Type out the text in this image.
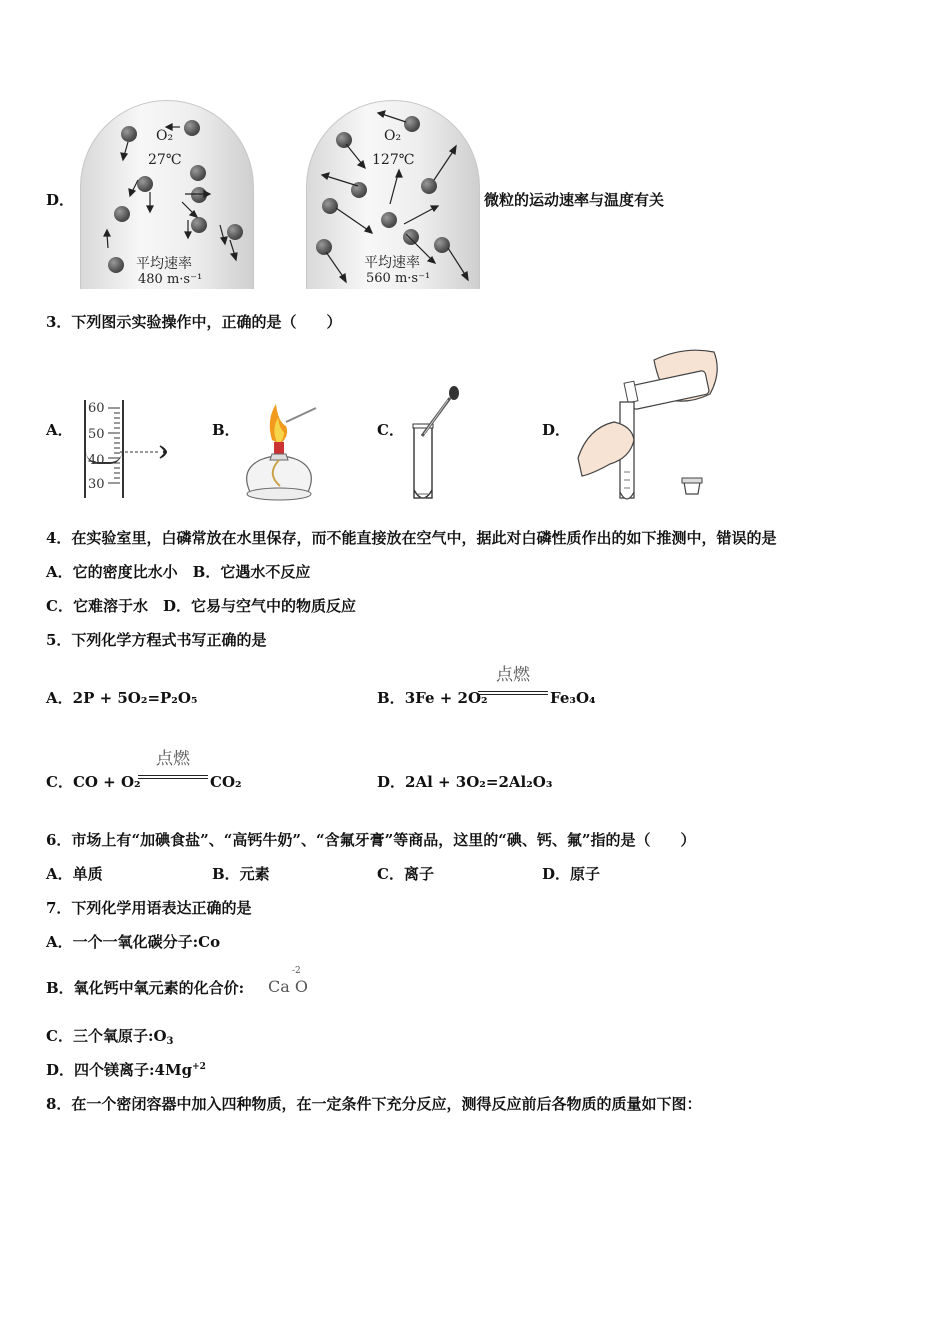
D．
O₂
27℃
平均速率
480 m·s⁻¹
O₂
127℃
平均速率
560 m·s⁻¹
微粒的运动速率与温度有关
3．下列图示实验操作中，正确的是（　　）
A．
60
50
40
30
B．	C．	D．
4．在实验室里，白磷常放在水里保存，而不能直接放在空气中，据此对白磷性质作出的如下推测中，错误的是
A．它的密度比水小　B．它遇水不反应
C．它难溶于水　D．它易与空气中的物质反应
5．下列化学方程式书写正确的是
A．2P + 5O₂=P₂O₅	B．3Fe + 2O₂
点燃
Fe₃O₄
C．CO + O₂
点燃
CO₂	D．2Al + 3O₂=2Al₂O₃
6．市场上有“加碘食盐”、“高钙牛奶”、“含氟牙膏”等商品，这里的“碘、钙、氟”指的是（　　）
A．单质	B．元素	C．离子	D．原子
7．下列化学用语表达正确的是
A．一个一氧化碳分子:Co
B．氧化钙中氧元素的化合价: Ca O
-2
C．三个氧原子$:O_3$
D．四个镁离子$:4Mg^{+2}$
8．在一个密闭容器中加入四种物质，在一定条件下充分反应，测得反应前后各物质的质量如下图：
